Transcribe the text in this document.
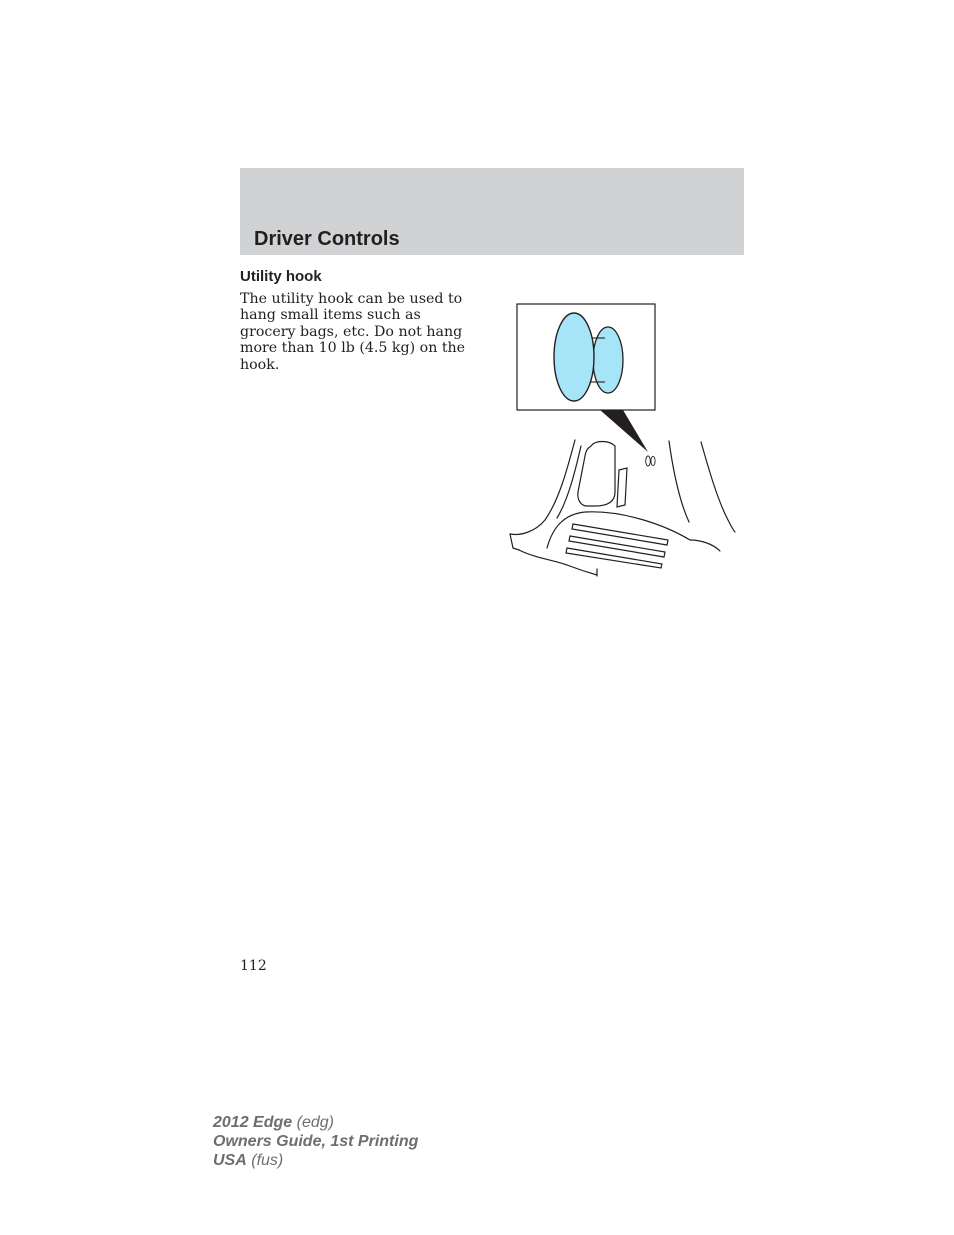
Driver Controls
Utility hook

The utility hook can be used to hang small items such as grocery bags, etc. Do not hang more than 10 lb (4.5 kg) on the hook.

112
2012 Edge (edg)
Owners Guide, 1st Printing
USA (fus)
